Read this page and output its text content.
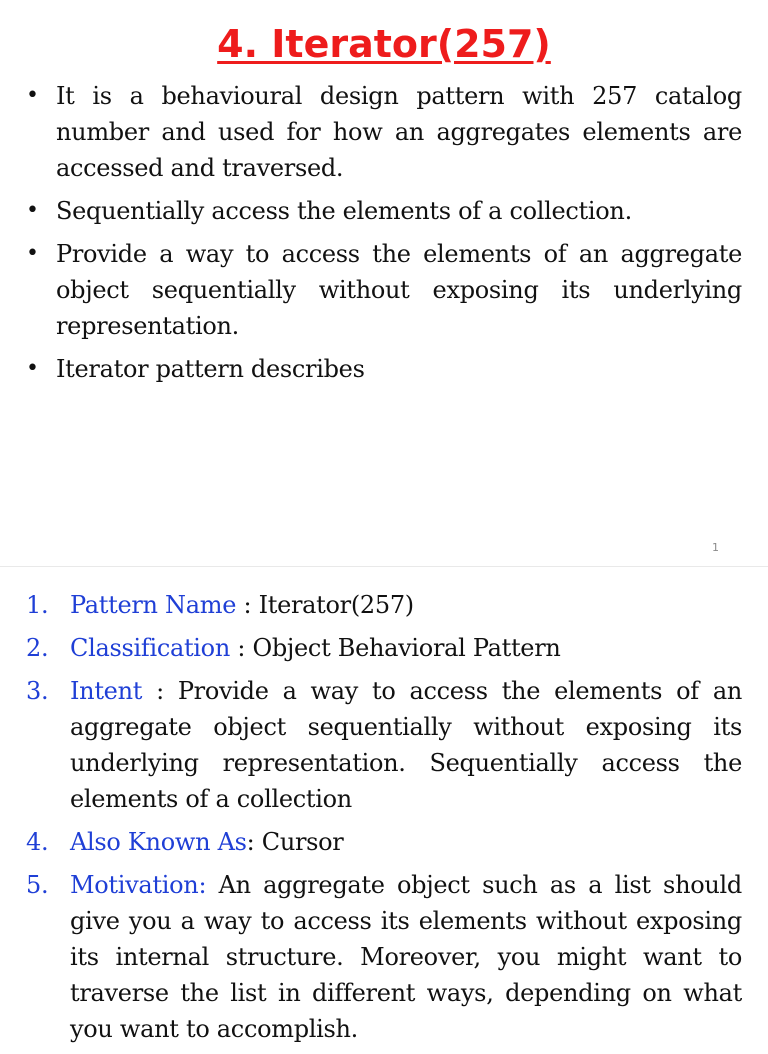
4. Iterator(257)
• It is a behavioural design pattern with 257 catalog number and used for how an aggregates elements are accessed and traversed.
• Sequentially access the elements of a collection.
• Provide a way to access the elements of an aggregate object sequentially without exposing its underlying representation.
• Iterator pattern describes
1
1. Pattern Name : Iterator(257)
2. Classification : Object Behavioral Pattern
3. Intent : Provide a way to access the elements of an aggregate object sequentially without exposing its underlying representation. Sequentially access the elements of a collection
4. Also Known As: Cursor
5. Motivation: An aggregate object such as a list should give you a way to access its elements without exposing its internal structure. Moreover, you might want to traverse the list in different ways, depending on what you want to accomplish.
